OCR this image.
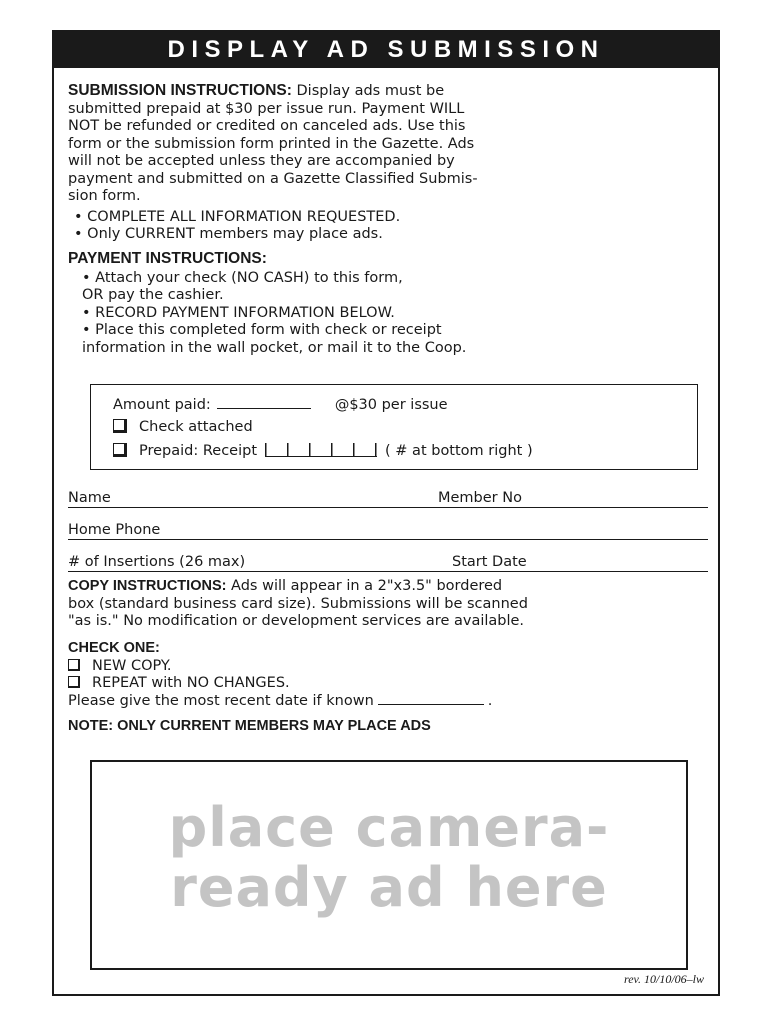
DISPLAY AD SUBMISSION
SUBMISSION INSTRUCTIONS: Display ads must be
submitted prepaid at $30 per issue run. Payment WILL
NOT be refunded or credited on canceled ads. Use this
form or the submission form printed in the Gazette. Ads
will not be accepted unless they are accompanied by
payment and submitted on a Gazette Classified Submis-
sion form.
• COMPLETE ALL INFORMATION REQUESTED.
• Only CURRENT members may place ads.
PAYMENT INSTRUCTIONS:
• Attach your check (NO CASH) to this form,
OR pay the cashier.
• RECORD PAYMENT INFORMATION BELOW.
• Place this completed form with check or receipt
information in the wall pocket, or mail it to the Coop.
Amount paid:	@$30 per issue
Check attached
Prepaid: Receipt	( # at bottom right )
Name	Member No
Home Phone
# of Insertions (26 max)	Start Date
COPY INSTRUCTIONS: Ads will appear in a 2"x3.5" bordered
box (standard business card size). Submissions will be scanned
"as is." No modification or development services are available.
CHECK ONE:
NEW COPY.
REPEAT with NO CHANGES.
Please give the most recent date if known	.
NOTE: ONLY CURRENT MEMBERS MAY PLACE ADS
place camera-
ready ad here
rev. 10/10/06–lw
